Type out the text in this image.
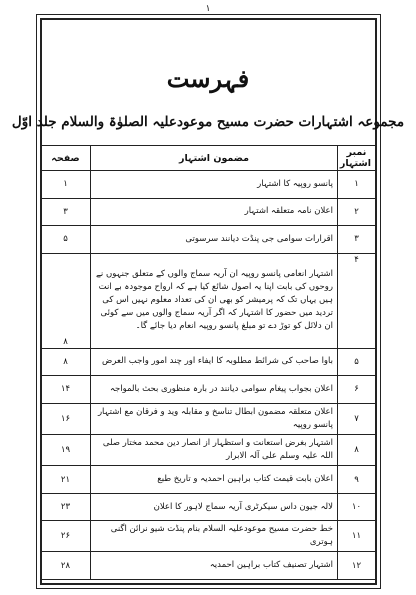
۱
فہرست
مجموعہ اشتہارات حضرت مسیح موعودعلیہ الصلوٰۃ والسلام جلد اوّل
نمبر اشتہار	مضمون اشتہار	صفحہ
۱	پانسو روپیہ کا اشتہار	۱
۲	اعلان نامہ متعلقہ اشتہار	۳
۳	اقرارات سوامی جی پنڈت دیانند سرسوتی	۵
۴	اشتہار انعامی پانسو روپیہ ان آریہ سماج والوں کے متعلق جنہوں نے روحوں کی بابت اپنا یہ اصول شائع کیا ہے کہ ارواح موجودہ بے انت ہیں یہاں تک کہ پرمیشر کو بھی ان کی تعداد معلوم نہیں اس کی تردید میں حضور کا اشتہار کہ اگر آریہ سماج والوں میں سے کوئی ان دلائل کو توڑ دے تو مبلغ پانسو روپیہ انعام دیا جائے گا۔	۸
۵	باوا صاحب کی شرائط مطلوبہ کا ایفاء اور چند امور واجب العرض	۸
۶	اعلان بجواب پیغام سوامی دیانند در بارہ منظوری بحث بالمواجہ	۱۴
۷	اعلان متعلقہ مضمون ابطال تناسخ و مقابلہ وید و فرقان مع اشتہار پانسو روپیہ	۱۶
۸	اشتہار بغرض استعانت و استظہار از انصار دین محمد مختار صلی اللہ علیہ وسلم علی آلہ الابرار	۱۹
۹	اعلان بابت قیمت کتاب براہین احمدیہ و تاریخ طبع	۲۱
۱۰	لالہ جیون داس سیکرٹری آریہ سماج لاہور کا اعلان	۲۳
۱۱	خط حضرت مسیح موعودعلیہ السلام بنام پنڈت شیو نرائن اگنی ہوتری	۲۶
۱۲	اشتہار تصنیف کتاب براہین احمدیہ	۲۸
